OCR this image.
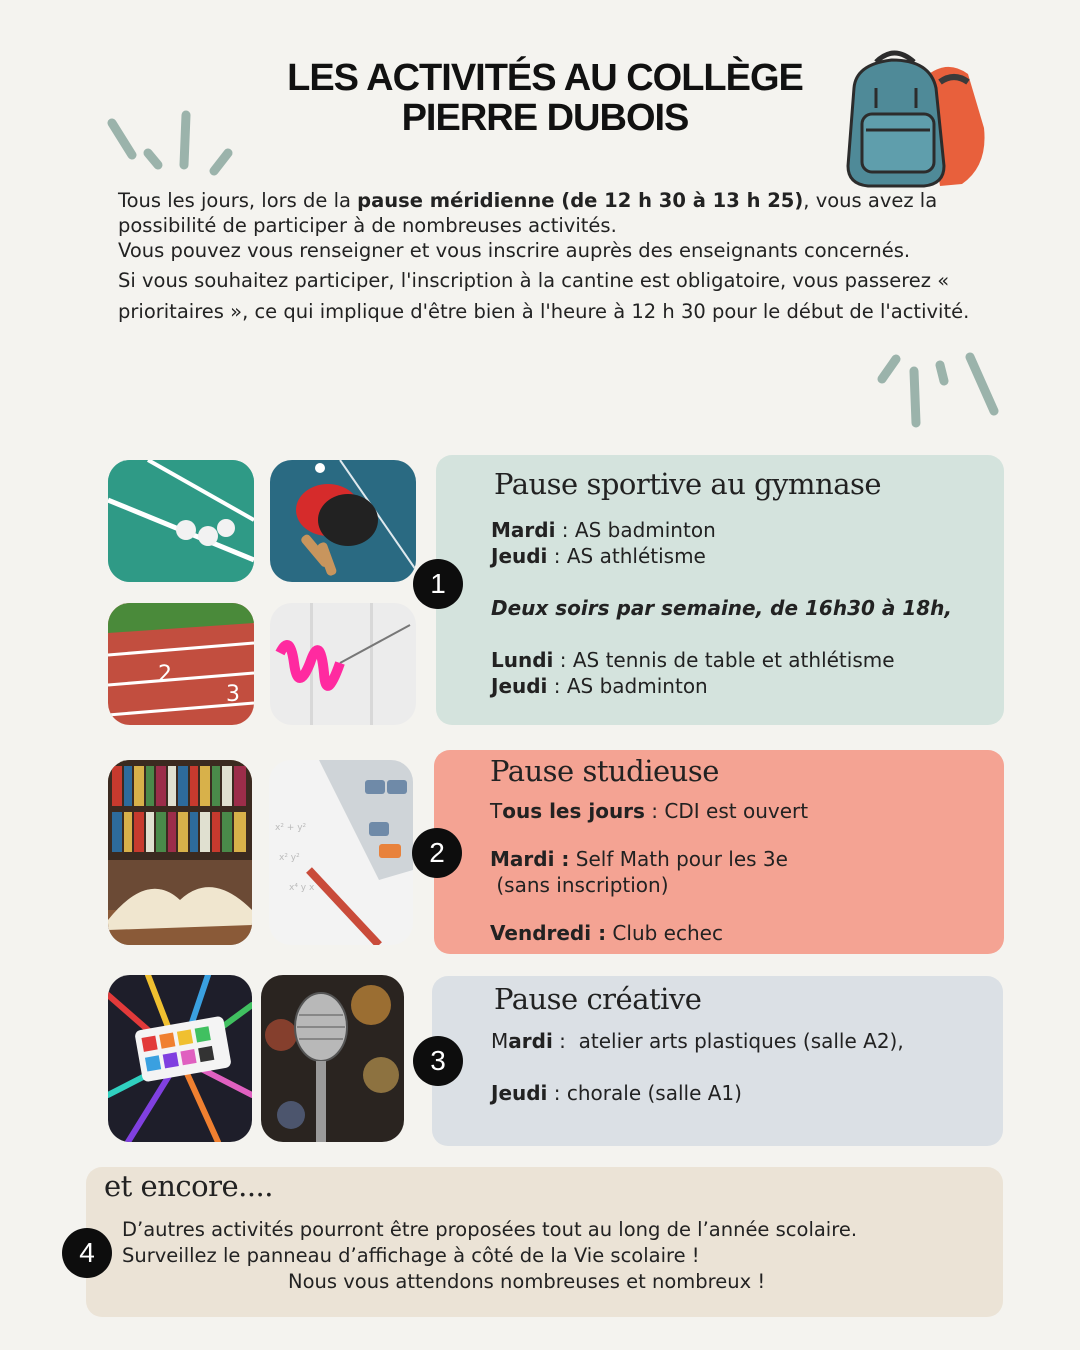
LES ACTIVITÉS AU COLLÈGE
PIERRE DUBOIS

Tous les jours, lors de la pause méridienne (de 12 h 30 à 13 h 25), vous avez la possibilité de participer à de nombreuses activités.

Vous pouvez vous renseigner et vous inscrire auprès des enseignants concernés.

Si vous souhaitez participer, l'inscription à la cantine est obligatoire, vous passerez « prioritaires », ce qui implique d'être bien à l'heure à 12 h 30 pour le début de l'activité.

2
3
Pause sportive au gymnase
Mardi : AS badminton
Jeudi : AS athlétisme
Deux soirs par semaine, de 16h30 à 18h,
Lundi : AS tennis de table et athlétisme
Jeudi : AS badminton
1
x² + y²
x² y²
x⁴ y x
Pause studieuse
Tous les jours : CDI est ouvert
Mardi : Self Math pour les 3e
(sans inscription)
Vendredi : Club echec
2
Pause créative
Mardi :  atelier arts plastiques (salle A2),
Jeudi : chorale (salle A1)
3
et encore....
D’autres activités pourront être proposées tout au long de l’année scolaire.
Surveillez le panneau d’affichage à côté de la Vie scolaire !
Nous vous attendons nombreuses et nombreux !
4
